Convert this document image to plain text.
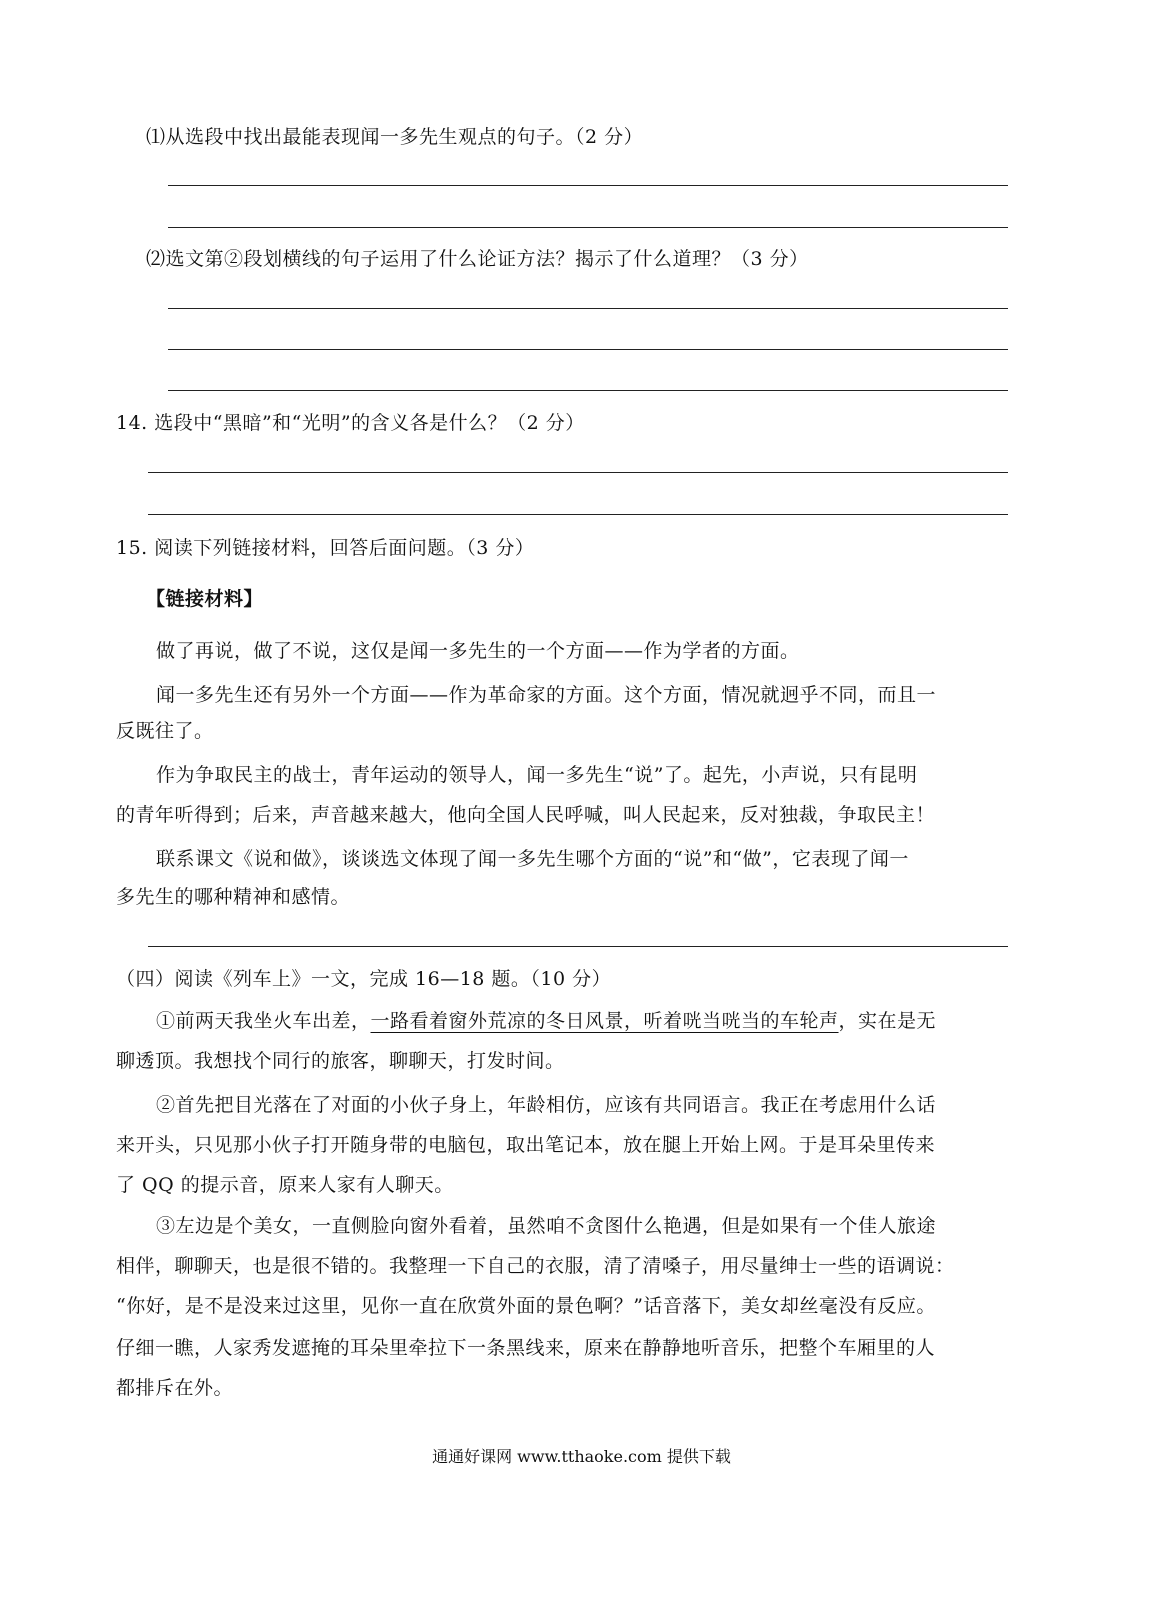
⑴从选段中找出最能表现闻一多先生观点的句子。（2 分）
⑵选文第②段划横线的句子运用了什么论证方法？揭示了什么道理？（3 分）
14. 选段中“黑暗”和“光明”的含义各是什么？（2 分）
15. 阅读下列链接材料，回答后面问题。（3 分）
【链接材料】
做了再说，做了不说，这仅是闻一多先生的一个方面——作为学者的方面。
闻一多先生还有另外一个方面——作为革命家的方面。这个方面，情况就迥乎不同，而且一
反既往了。
作为争取民主的战士，青年运动的领导人，闻一多先生“说”了。起先，小声说，只有昆明
的青年听得到；后来，声音越来越大，他向全国人民呼喊，叫人民起来，反对独裁，争取民主！
联系课文《说和做》，谈谈选文体现了闻一多先生哪个方面的“说”和“做”，它表现了闻一
多先生的哪种精神和感情。
（四）阅读《列车上》一文，完成 16—18 题。（10 分）
①前两天我坐火车出差，一路看着窗外荒凉的冬日风景，听着咣当咣当的车轮声，实在是无
聊透顶。我想找个同行的旅客，聊聊天，打发时间。
②首先把目光落在了对面的小伙子身上，年龄相仿，应该有共同语言。我正在考虑用什么话
来开头，只见那小伙子打开随身带的电脑包，取出笔记本，放在腿上开始上网。于是耳朵里传来
了 QQ 的提示音，原来人家有人聊天。
③左边是个美女，一直侧脸向窗外看着，虽然咱不贪图什么艳遇，但是如果有一个佳人旅途
相伴，聊聊天，也是很不错的。我整理一下自己的衣服，清了清嗓子，用尽量绅士一些的语调说：
“你好，是不是没来过这里，见你一直在欣赏外面的景色啊？”话音落下，美女却丝毫没有反应。
仔细一瞧，人家秀发遮掩的耳朵里牵拉下一条黑线来，原来在静静地听音乐，把整个车厢里的人
都排斥在外。
通通好课网 www.tthaoke.com 提供下载
